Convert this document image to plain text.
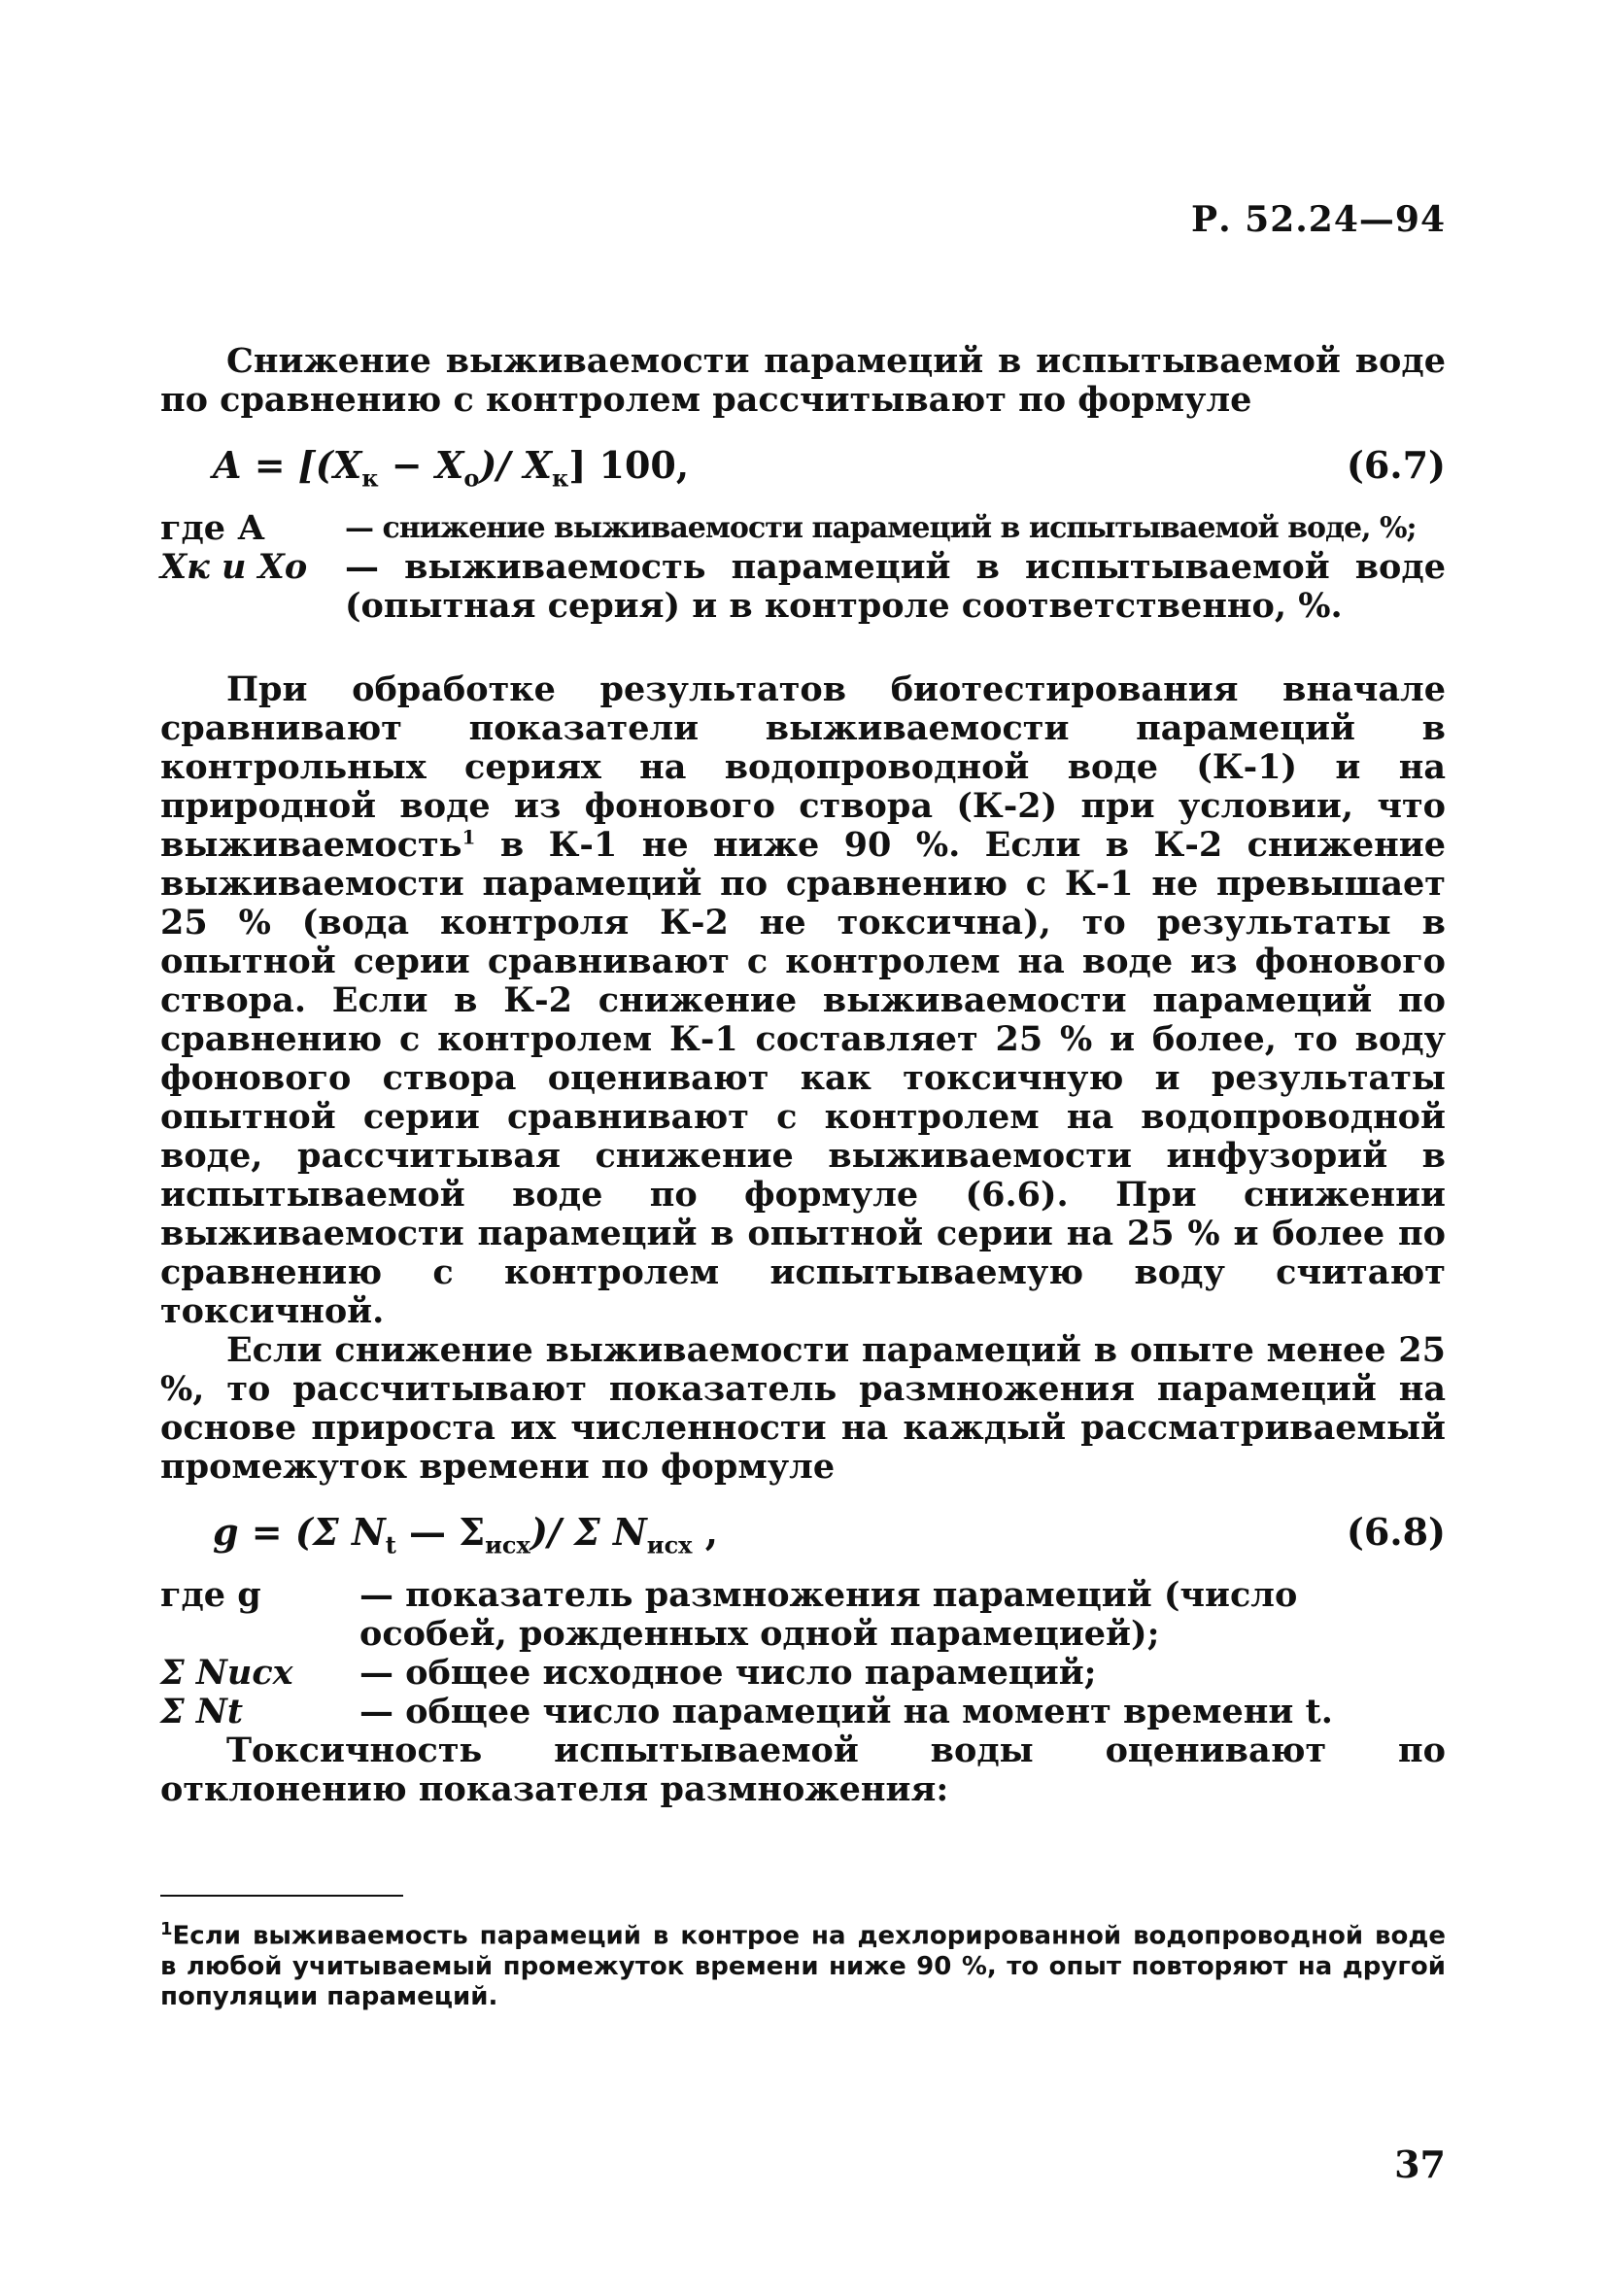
Р. 52.24—94

Снижение выживаемости парамеций в испытываемой воде по сравнению с контролем рассчитывают по формуле

$A = [(X_к - X_о)/$ $X_к$] 100,	(6.7)
где А	— снижение выживаемости парамеций в испытываемой воде, %;
Xк и Xо	— выживаемость парамеций в испытываемой воде (опытная серия) и в контроле соответственно, %.

При обработке результатов биотестирования вначале сравнивают показатели выживаемости парамеций в контрольных сериях на водопроводной воде (К-1) и на природной воде из фонового створа (К-2) при условии, что выживаемость$^1$ в К-1 не ниже 90 %. Если в К-2 снижение выживаемости парамеций по сравнению с К-1 не превышает 25 % (вода контроля К-2 не токсична), то результаты в опытной серии сравнивают с контролем на воде из фонового створа. Если в К-2 снижение выживаемости парамеций по сравнению с контролем К-1 составляет 25 % и более, то воду фонового створа оценивают как токсичную и результаты опытной серии сравнивают с контролем на водопроводной воде, рассчитывая снижение выживаемости инфузорий в испытываемой воде по формуле (6.6). При снижении выживаемости парамеций в опытной серии на 25 % и более по сравнению с контролем испытываемую воду считают токсичной.

Если снижение выживаемости парамеций в опыте менее 25 %, то рассчитывают показатель размножения парамеций на основе прироста их численности на каждый рассматриваемый промежуток времени по формуле

g = (Σ $N_t$ — $\Sigma_{исх})/$ Σ $N_{исх}$ ,	(6.8)
где g	— показатель размножения парамеций (число особей, рожденных одной парамецией);
Σ Nисх	— общее исходное число парамеций;
Σ Nt	— общее число парамеций на момент времени t.

Токсичность испытываемой воды оценивают по отклонению показателя размножения:

$^1$Если выживаемость парамеций в контрое на дехлорированной водопроводной воде в любой учитываемый промежуток времени ниже 90 %, то опыт повторяют на другой популяции парамеций.
37
